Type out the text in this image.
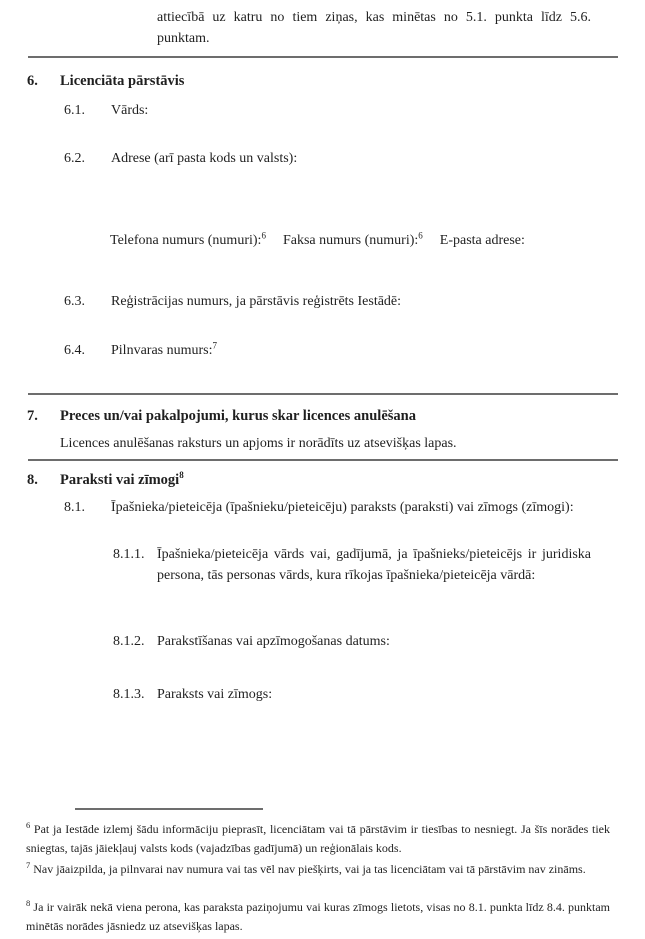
attiecībā uz katru no tiem ziņas, kas minētas no 5.1. punkta līdz 5.6. punktam.

6.	Licenciāta pārstāvis
6.1.	Vārds:
6.2.	Adrese (arī pasta kods un valsts):
Telefona numurs (numuri):$^6$ Faksa numurs (numuri):$^6$ E-pasta adrese:
6.3.	Reģistrācijas numurs, ja pārstāvis reģistrēts Iestādē:
6.4.	Pilnvaras numurs:$^7$
7.	Preces un/vai pakalpojumi, kurus skar licences anulēšana

Licences anulēšanas raksturs un apjoms ir norādīts uz atsevišķas lapas.

8.	Paraksti vai zīmogi$^8$
8.1.	Īpašnieka/pieteicēja (īpašnieku/pieteicēju) paraksts (paraksti) vai zīmogs (zīmogi):
8.1.1. Īpašnieka/pieteicēja vārds vai, gadījumā, ja īpašnieks/pieteicējs ir juridiska persona, tās personas vārds, kura rīkojas īpašnieka/pieteicēja vārdā:
8.1.2. Parakstīšanas vai apzīmogošanas datums:
8.1.3. Paraksts vai zīmogs:

$^6$ Pat ja Iestāde izlemj šādu informāciju pieprasīt, licenciātam vai tā pārstāvim ir tiesības to nesniegt. Ja šīs norādes tiek sniegtas, tajās jāiekļauj valsts kods (vajadzības gadījumā) un reģionālais kods.

$^7$ Nav jāaizpilda, ja pilnvarai nav numura vai tas vēl nav piešķirts, vai ja tas licenciātam vai tā pārstāvim nav zināms.

$^8$ Ja ir vairāk nekā viena perona, kas paraksta paziņojumu vai kuras zīmogs lietots, visas no 8.1. punkta līdz 8.4. punktam minētās norādes jāsniedz uz atsevišķas lapas.
